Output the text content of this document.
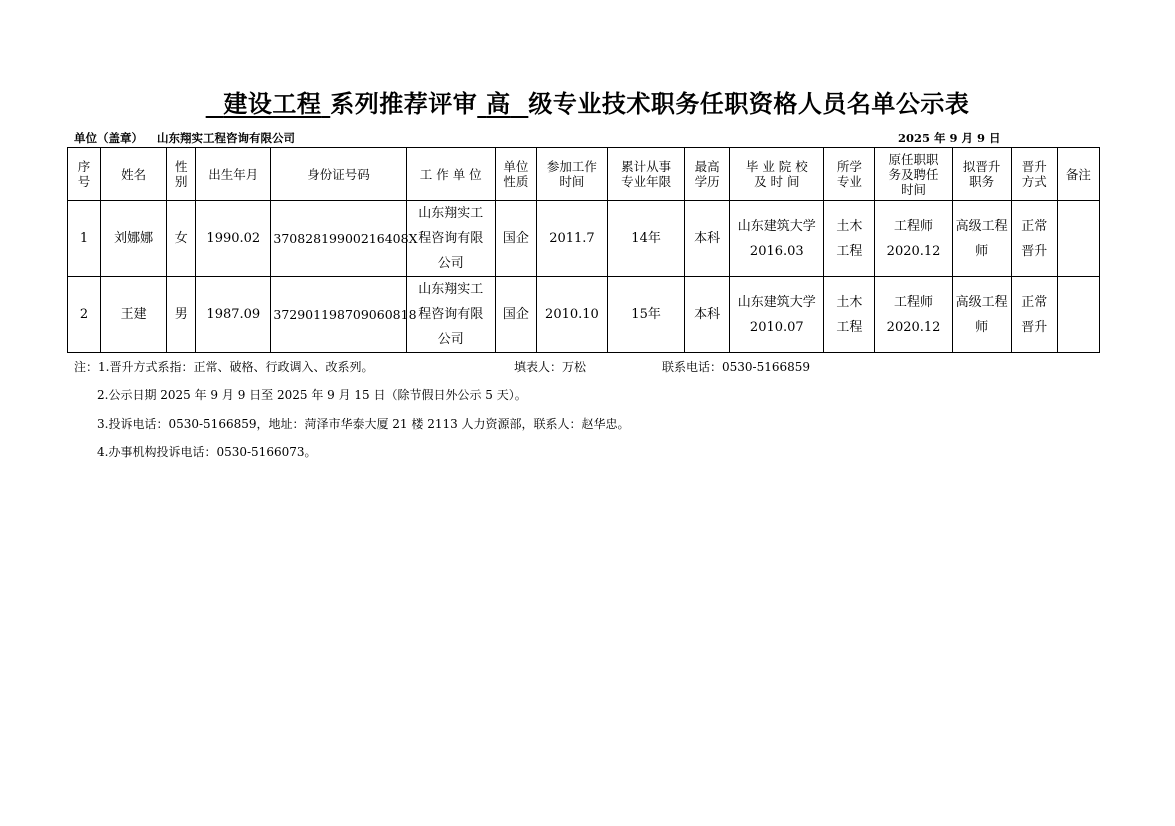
建设工程 系列推荐评审 高 级专业技术职务任职资格人员名单公示表
单位（盖章） 山东翔实工程咨询有限公司	2025 年 9 月 9 日
序号	姓名	性别	出生年月	身份证号码	工 作 单 位	单位性质	参加工作时间	累计从事专业年限	最高学历	毕 业 院 校 及 时 间	所学专业	原任职职务及聘任时间	拟晋升职务	晋升方式	备注
1	刘娜娜	女	1990.02	37082819900216408X	山东翔实工程咨询有限公司	国企	2011.7	14年	本科	山东建筑大学2016.03	土木工程	工程师2020.12	高级工程师	正常晋升	
2	王建	男	1987.09	372901198709060818	山东翔实工程咨询有限公司	国企	2010.10	15年	本科	山东建筑大学2010.07	土木工程	工程师2020.12	高级工程师	正常晋升	
注：1.晋升方式系指：正常、破格、行政调入、改系列。	填表人：万松	联系电话：0530-5166859
2.公示日期 2025 年 9 月 9 日至 2025 年 9 月 15 日（除节假日外公示 5 天）。
3.投诉电话：0530-5166859，地址：菏泽市华泰大厦 21 楼 2113 人力资源部，联系人：赵华忠。
4.办事机构投诉电话：0530-5166073。
